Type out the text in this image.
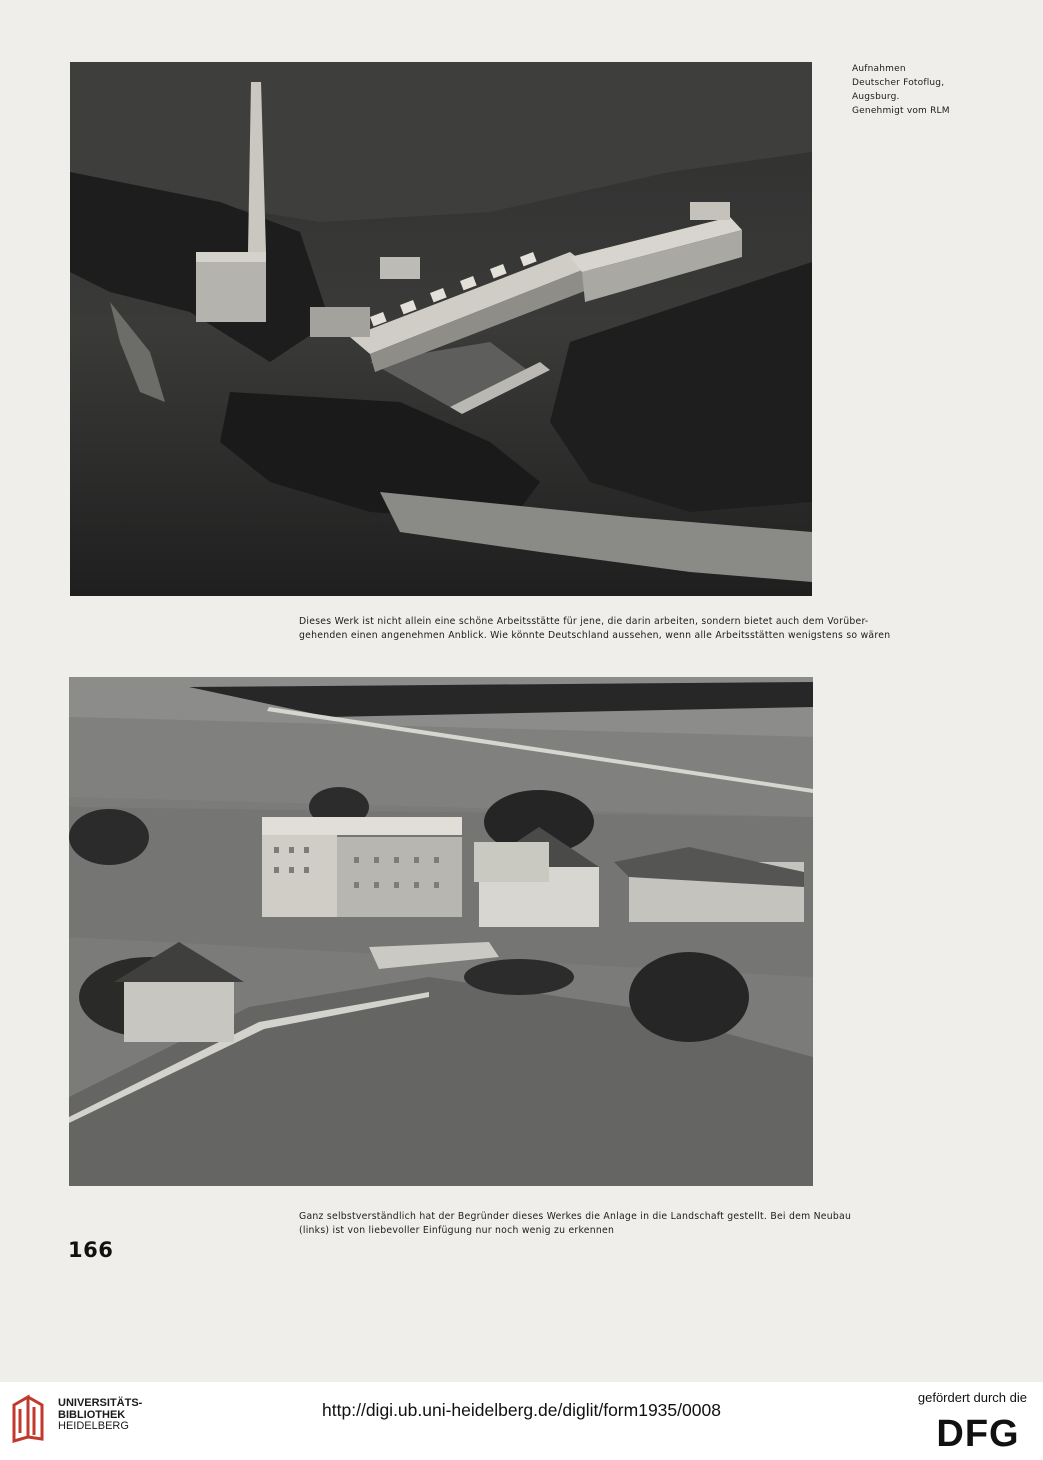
Aufnahmen
Deutscher Fotoflug,
Augsburg.
Genehmigt vom RLM
Dieses Werk ist nicht allein eine schöne Arbeitsstätte für jene, die darin arbeiten, sondern bietet auch dem Vorüber-
gehenden einen angenehmen Anblick. Wie könnte Deutschland aussehen, wenn alle Arbeitsstätten wenigstens so wären
Ganz selbstverständlich hat der Begründer dieses Werkes die Anlage in die Landschaft gestellt. Bei dem Neubau
(links) ist von liebevoller Einfügung nur noch wenig zu erkennen
166
UNIVERSITÄTS-
BIBLIOTHEK
HEIDELBERG
http://digi.ub.uni-heidelberg.de/diglit/form1935/0008
gefördert durch die
DFG
